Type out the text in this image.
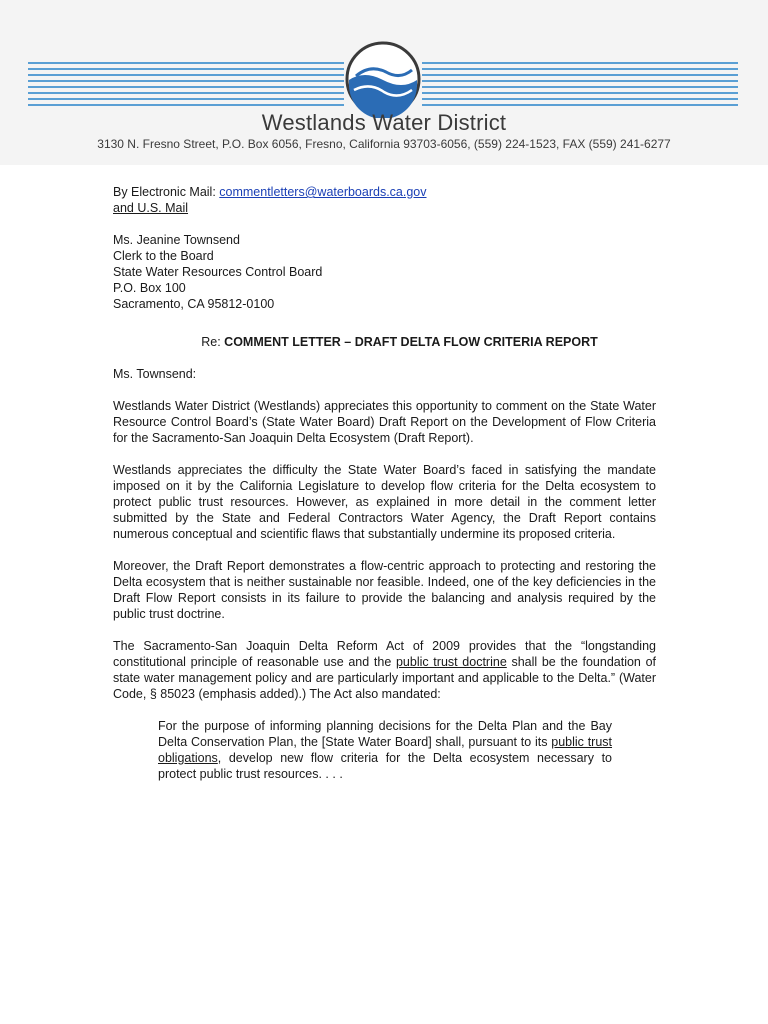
Westlands Water District
3130 N. Fresno Street, P.O. Box 6056, Fresno, California 93703-6056, (559) 224-1523, FAX (559) 241-6277

By Electronic Mail: commentletters@waterboards.ca.gov

and U.S. Mail

Ms. Jeanine Townsend

Clerk to the Board

State Water Resources Control Board

P.O. Box 100

Sacramento, CA 95812-0100

Re: COMMENT LETTER – DRAFT DELTA FLOW CRITERIA REPORT

Ms. Townsend:

Westlands Water District (Westlands) appreciates this opportunity to comment on the State Water Resource Control Board’s (State Water Board) Draft Report on the Development of Flow Criteria for the Sacramento-San Joaquin Delta Ecosystem (Draft Report).

Westlands appreciates the difficulty the State Water Board’s faced in satisfying the mandate imposed on it by the California Legislature to develop flow criteria for the Delta ecosystem to protect public trust resources. However, as explained in more detail in the comment letter submitted by the State and Federal Contractors Water Agency, the Draft Report contains numerous conceptual and scientific flaws that substantially undermine its proposed criteria.

Moreover, the Draft Report demonstrates a flow-centric approach to protecting and restoring the Delta ecosystem that is neither sustainable nor feasible. Indeed, one of the key deficiencies in the Draft Flow Report consists in its failure to provide the balancing and analysis required by the public trust doctrine.

The Sacramento-San Joaquin Delta Reform Act of 2009 provides that the “longstanding constitutional principle of reasonable use and the public trust doctrine shall be the foundation of state water management policy and are particularly important and applicable to the Delta.” (Water Code, § 85023 (emphasis added).) The Act also mandated:

For the purpose of informing planning decisions for the Delta Plan and the Bay Delta Conservation Plan, the [State Water Board] shall, pursuant to its public trust obligations, develop new flow criteria for the Delta ecosystem necessary to protect public trust resources. . . .
